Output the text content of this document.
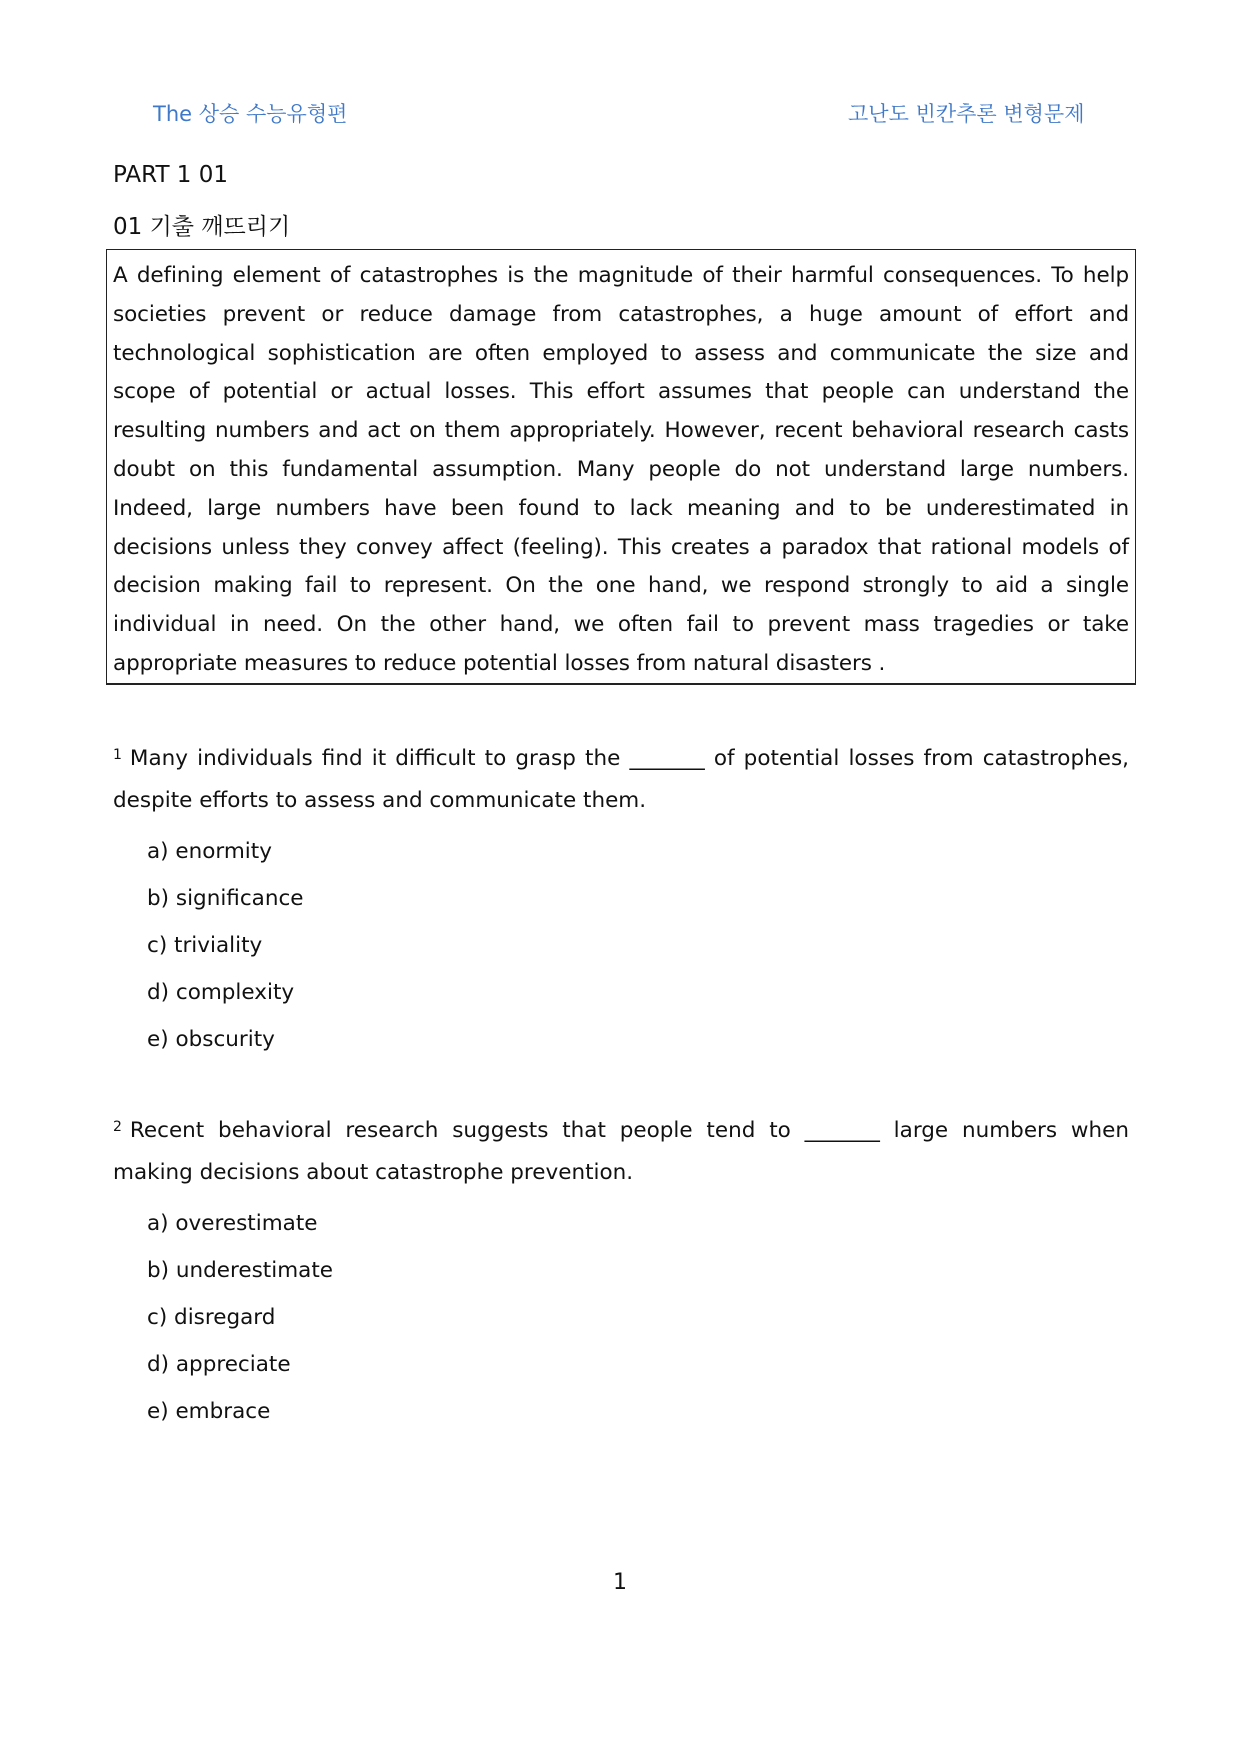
The 상승 수능유형편	고난도 빈칸추론 변형문제
PART 1 01
01 기출 깨뜨리기

A defining element of catastrophes is the magnitude of their harmful consequences. To help societies prevent or reduce damage from catastrophes, a huge amount of effort and technological sophistication are often employed to assess and communicate the size and scope of potential or actual losses. This effort assumes that people can understand the resulting numbers and act on them appropriately. However, recent behavioral research casts doubt on this fundamental assumption. Many people do not understand large numbers. Indeed, large numbers have been found to lack meaning and to be underestimated in decisions unless they convey affect (feeling). This creates a paradox that rational models of decision making fail to represent. On the one hand, we respond strongly to aid a single individual in need. On the other hand, we often fail to prevent mass tragedies or take appropriate measures to reduce potential losses from natural disasters .

$^1$ Many individuals find it difficult to grasp the _______ of potential losses from catastrophes, despite efforts to assess and communicate them.

a) enormity
b) significance
c) triviality
d) complexity
e) obscurity

$^2$ Recent behavioral research suggests that people tend to _______ large numbers when making decisions about catastrophe prevention.

a) overestimate
b) underestimate
c) disregard
d) appreciate
e) embrace
1
